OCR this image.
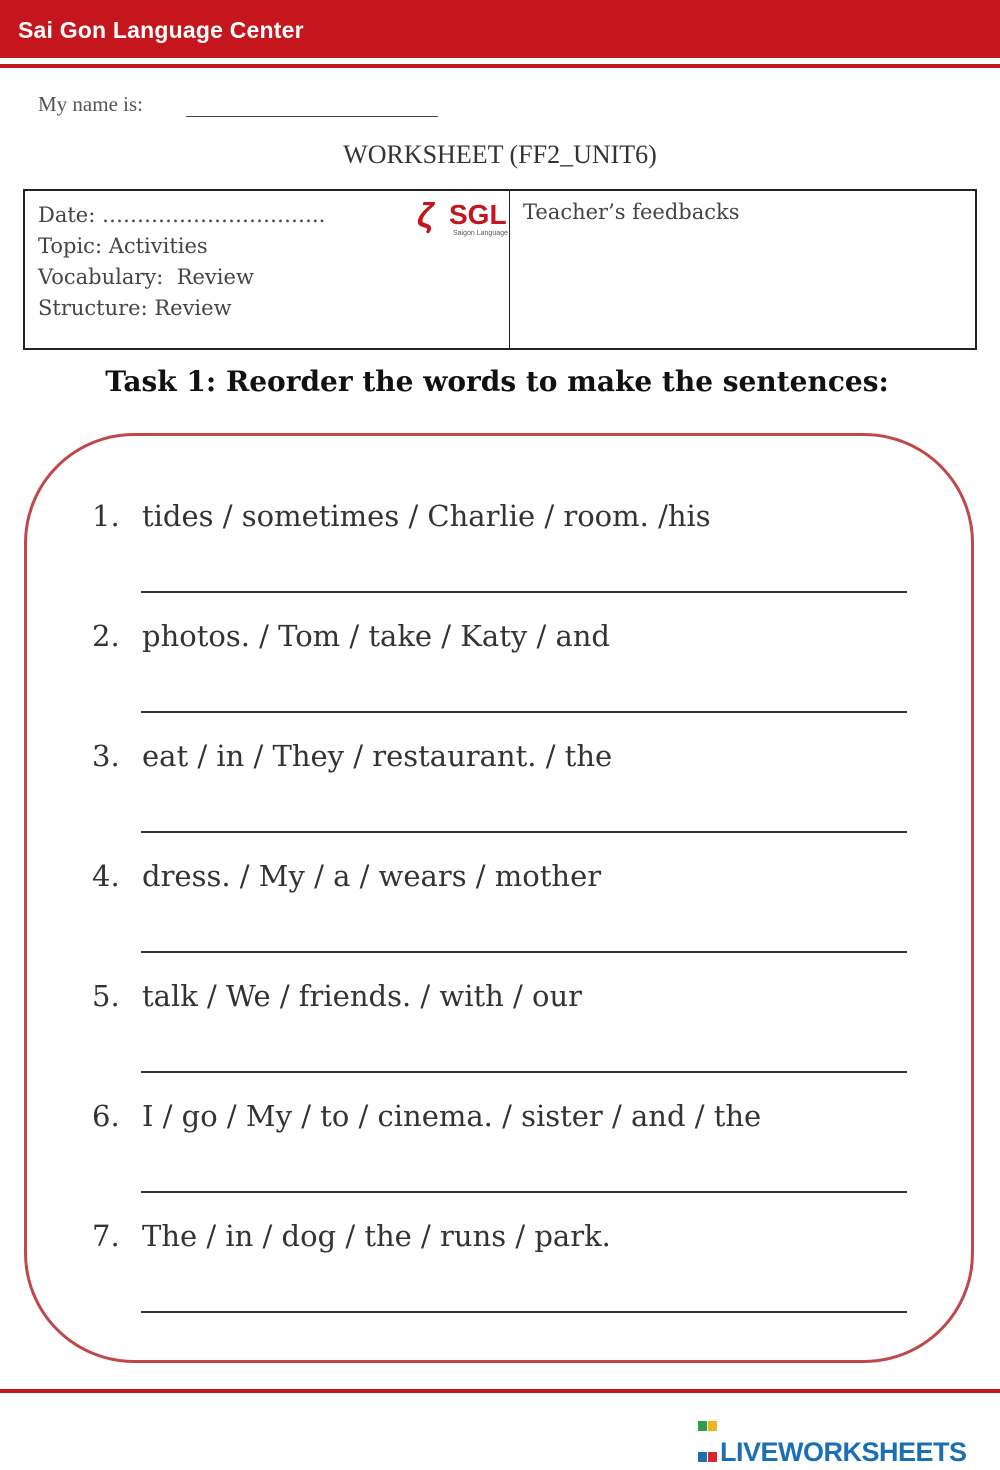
Sai Gon Language Center
My name is:
WORKSHEET (FF2_UNIT6)
Date: …………………………..
Topic: Activities
Vocabulary:  Review
Structure: Review
ζ SGL
Saigon Language
Teacher’s feedbacks
Task 1: Reorder the words to make the sentences:
1. tides / sometimes / Charlie / room. /his
2. photos. / Tom / take / Katy / and
3. eat / in / They / restaurant. / the
4. dress. / My / a / wears / mother
5. talk / We / friends. / with / our
6. I / go / My / to / cinema. / sister / and / the
7. The / in / dog / the / runs / park.
LIVEWORKSHEETS
